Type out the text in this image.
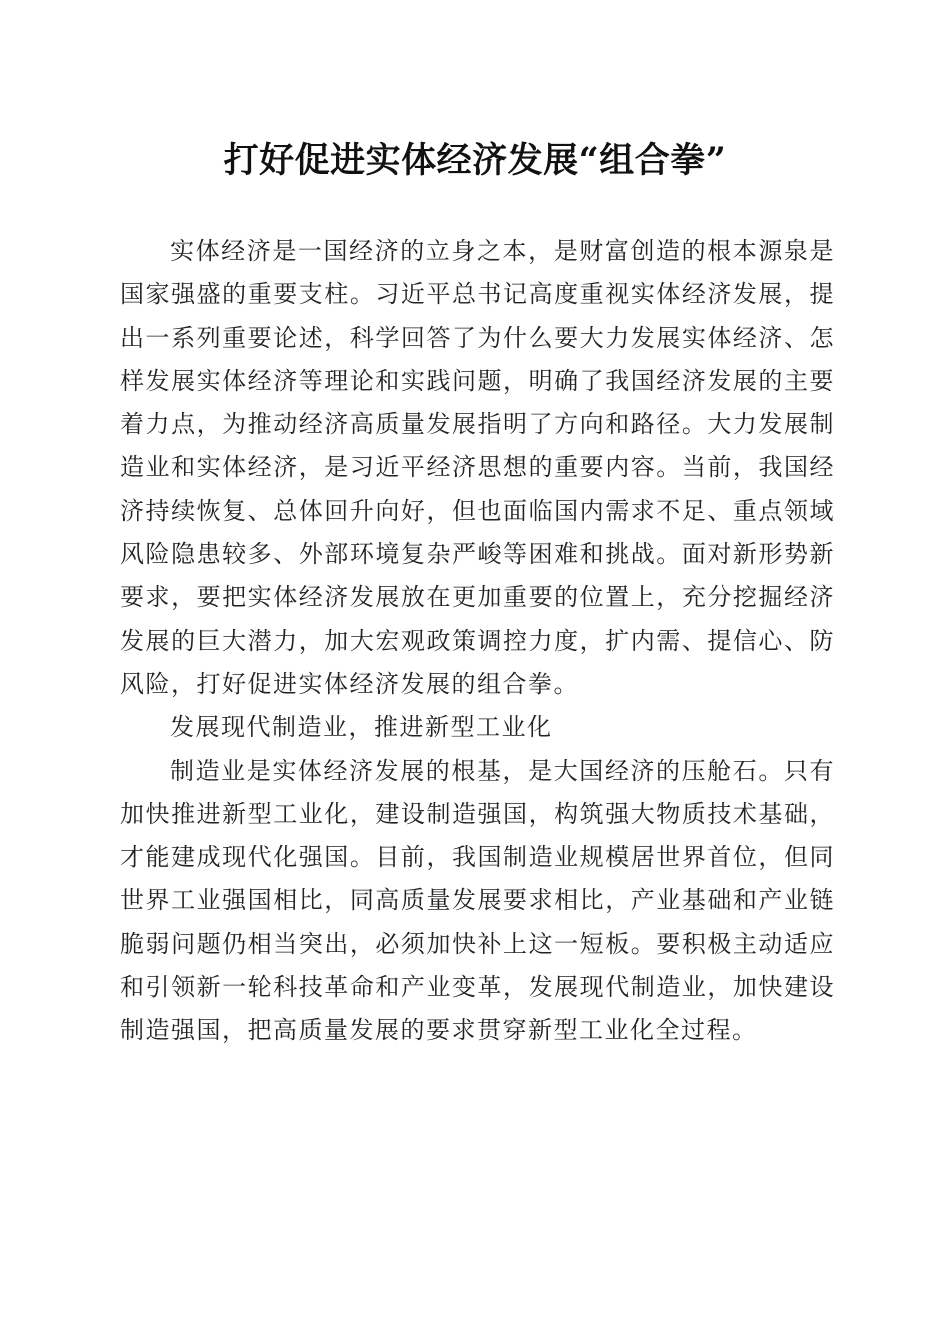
打好促进实体经济发展“组合拳”

实体经济是一国经济的立身之本，是财富创造的根本源泉是国家强盛的重要支柱。习近平总书记高度重视实体经济发展，提出一系列重要论述，科学回答了为什么要大力发展实体经济、怎样发展实体经济等理论和实践问题，明确了我国经济发展的主要着力点，为推动经济高质量发展指明了方向和路径。大力发展制造业和实体经济，是习近平经济思想的重要内容。当前，我国经济持续恢复、总体回升向好，但也面临国内需求不足、重点领域风险隐患较多、外部环境复杂严峻等困难和挑战。面对新形势新要求，要把实体经济发展放在更加重要的位置上，充分挖掘经济发展的巨大潜力，加大宏观政策调控力度，扩内需、提信心、防风险，打好促进实体经济发展的组合拳。

发展现代制造业，推进新型工业化

制造业是实体经济发展的根基，是大国经济的压舱石。只有加快推进新型工业化，建设制造强国，构筑强大物质技术基础，才能建成现代化强国。目前，我国制造业规模居世界首位，但同世界工业强国相比，同高质量发展要求相比，产业基础和产业链脆弱问题仍相当突出，必须加快补上这一短板。要积极主动适应和引领新一轮科技革命和产业变革，发展现代制造业，加快建设制造强国，把高质量发展的要求贯穿新型工业化全过程。
